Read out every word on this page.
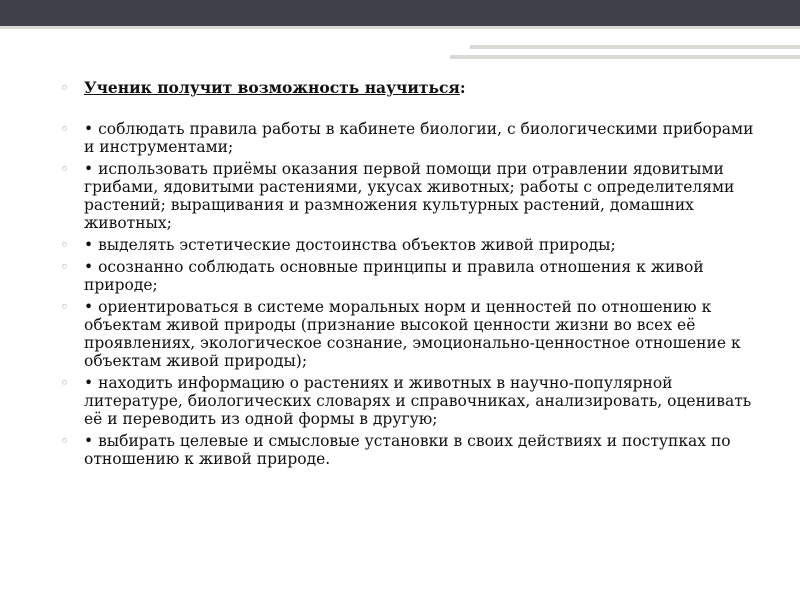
◦ Ученик получит возможность научиться:
◦ • соблюдать правила работы в кабинете биологии, с биологическими приборами и инструментами;
◦ • использовать приёмы оказания первой помощи при отравлении ядовитыми грибами, ядовитыми растениями, укусах животных; работы с определителями растений; выращивания и размножения культурных растений, домашних животных;
◦ • выделять эстетические достоинства объектов живой природы;
◦ • осознанно соблюдать основные принципы и правила отношения к живой природе;
◦ • ориентироваться в системе моральных норм и ценностей по отношению к объектам живой природы (признание высокой ценности жизни во всех её проявлениях, экологическое сознание, эмоционально-ценностное отношение к объектам живой природы);
◦ • находить информацию о растениях и животных в научно-популярной литературе, биологических словарях и справочниках, анализировать, оценивать её и переводить из одной формы в другую;
◦ • выбирать целевые и смысловые установки в своих действиях и поступках по отношению к живой природе.
